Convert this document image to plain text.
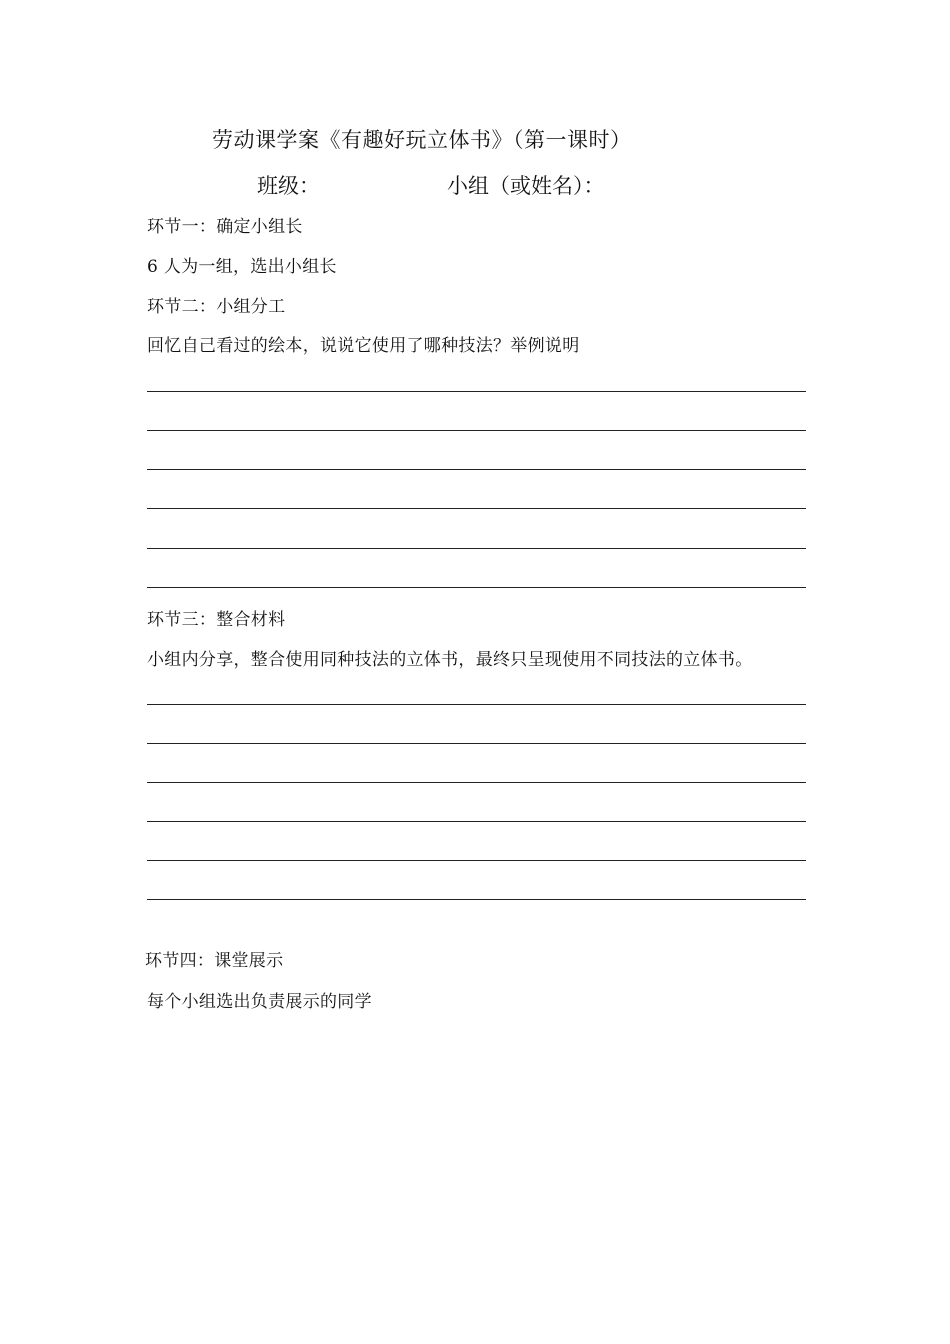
劳动课学案《有趣好玩立体书》（第一课时）
班级：	小组（或姓名）：
环节一：确定小组长
6 人为一组，选出小组长
环节二：小组分工
回忆自己看过的绘本，说说它使用了哪种技法？举例说明
环节三：整合材料
小组内分享，整合使用同种技法的立体书，最终只呈现使用不同技法的立体书。
环节四：课堂展示
每个小组选出负责展示的同学
